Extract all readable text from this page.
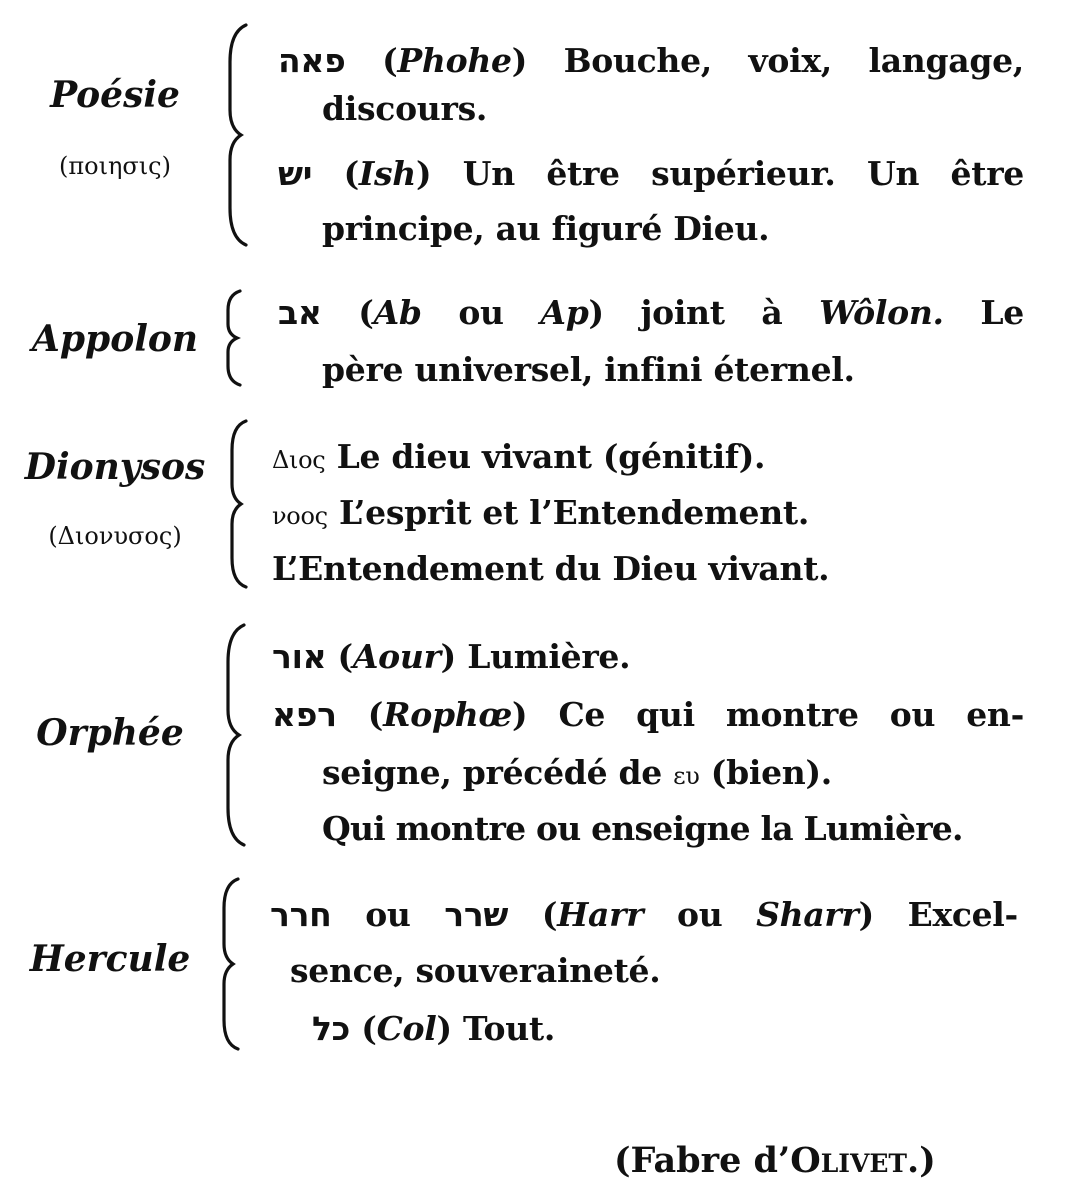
Poésie
(ποιησις)
פאה (Phohe) Bouche, voix, langage,
discours.
יש (Ish) Un être supérieur. Un être
principe, au figuré Dieu.
Appolon
אב (Ab ou Ap) joint à Wôlon. Le
père universel, infini éternel.
Dionysos
(Διονυσος)
Διος Le dieu vivant (génitif).
νοος L’esprit et l’Entendement.
L’Entendement du Dieu vivant.
Orphée
אור (Aour) Lumière.
רפא (Rophœ) Ce qui montre ou en-
seigne, précédé de ευ (bien).
Qui montre ou enseigne la Lumière.
Hercule
חרר ou שרר (Harr ou Sharr) Excel-
sence, souveraineté.
כל (Col) Tout.
(Fabre d’Olivet.)
